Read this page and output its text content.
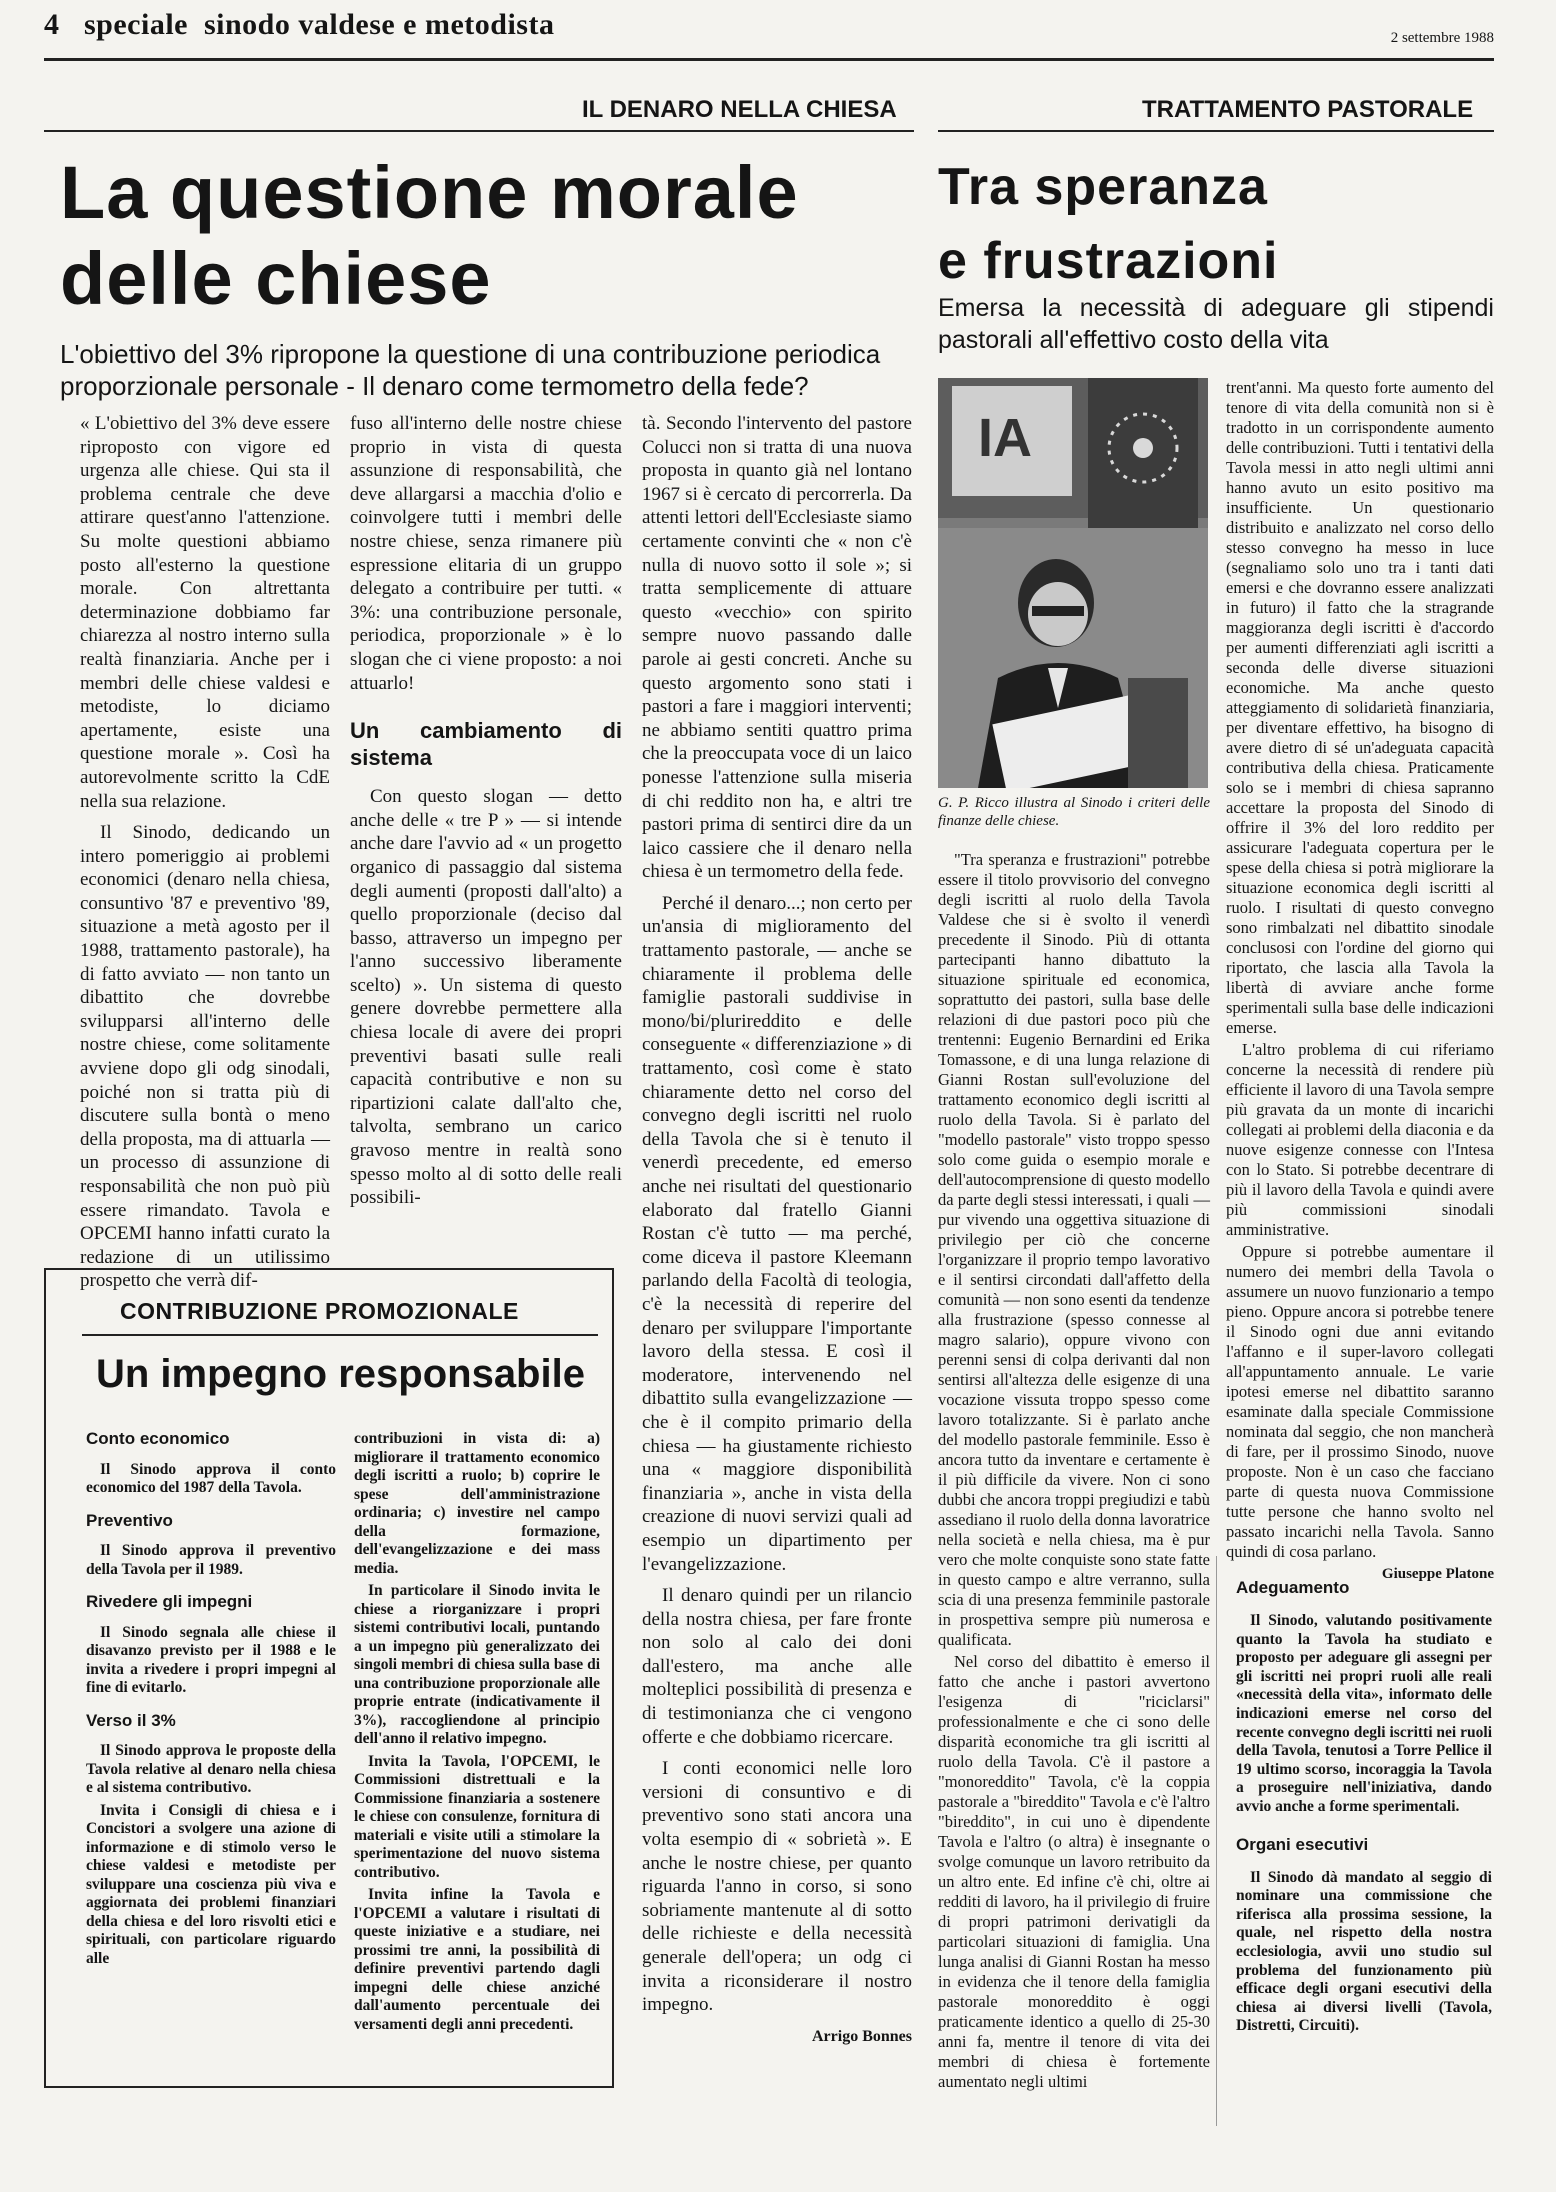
4 speciale  sinodo valdese e metodista	2 settembre 1988
IL DENARO NELLA CHIESA	TRATTAMENTO PASTORALE
La questione morale
delle chiese
Tra speranza
e frustrazioni
L'obiettivo del 3% ripropone la questione di una contribuzione periodica proporzionale personale - Il denaro come termometro della fede?
Emersa la necessità di adeguare gli stipendi pastorali all'effettivo costo della vita

« L'obiettivo del 3% deve essere riproposto con vigore ed urgenza alle chiese. Qui sta il problema centrale che deve attirare quest'anno l'attenzione. Su molte questioni abbiamo posto all'esterno la questione morale. Con altrettanta determinazione dobbiamo far chiarezza al nostro interno sulla realtà finanziaria. Anche per i membri delle chiese valdesi e metodiste, lo diciamo apertamente, esiste una questione morale ». Così ha autorevolmente scritto la CdE nella sua relazione.

Il Sinodo, dedicando un intero pomeriggio ai problemi economici (denaro nella chiesa, consuntivo '87 e preventivo '89, situazione a metà agosto per il 1988, trattamento pastorale), ha di fatto avviato — non tanto un dibattito che dovrebbe svilupparsi all'interno delle nostre chiese, come solitamente avviene dopo gli odg sinodali, poiché non si tratta più di discutere sulla bontà o meno della proposta, ma di attuarla — un processo di assunzione di responsabilità che non può più essere rimandato. Tavola e OPCEMI hanno infatti curato la redazione di un utilissimo prospetto che verrà dif-

fuso all'interno delle nostre chiese proprio in vista di questa assunzione di responsabilità, che deve allargarsi a macchia d'olio e coinvolgere tutti i membri delle nostre chiese, senza rimanere più espressione elitaria di un gruppo delegato a contribuire per tutti. « 3%: una contribuzione personale, periodica, proporzionale » è lo slogan che ci viene proposto: a noi attuarlo!

Un cambiamento di sistema

Con questo slogan — detto anche delle « tre P » — si intende anche dare l'avvio ad « un progetto organico di passaggio dal sistema degli aumenti (proposti dall'alto) a quello proporzionale (deciso dal basso, attraverso un impegno per l'anno successivo liberamente scelto) ». Un sistema di questo genere dovrebbe permettere alla chiesa locale di avere dei propri preventivi basati sulle reali capacità contributive e non su ripartizioni calate dall'alto che, talvolta, sembrano un carico gravoso mentre in realtà sono spesso molto al di sotto delle reali possibili-

tà. Secondo l'intervento del pastore Colucci non si tratta di una nuova proposta in quanto già nel lontano 1967 si è cercato di percorrerla. Da attenti lettori dell'Ecclesiaste siamo certamente convinti che « non c'è nulla di nuovo sotto il sole »; si tratta semplicemente di attuare questo «vecchio» con spirito sempre nuovo passando dalle parole ai gesti concreti. Anche su questo argomento sono stati i pastori a fare i maggiori interventi; ne abbiamo sentiti quattro prima che la preoccupata voce di un laico ponesse l'attenzione sulla miseria di chi reddito non ha, e altri tre pastori prima di sentirci dire da un laico cassiere che il denaro nella chiesa è un termometro della fede.

Perché il denaro...; non certo per un'ansia di miglioramento del trattamento pastorale, — anche se chiaramente il problema delle famiglie pastorali suddivise in mono/bi/plurireddito e delle conseguente « differenziazione » di trattamento, così come è stato chiaramente detto nel corso del convegno degli iscritti nel ruolo della Tavola che si è tenuto il venerdì precedente, ed emerso anche nei risultati del questionario elaborato dal fratello Gianni Rostan c'è tutto — ma perché, come diceva il pastore Kleemann parlando della Facoltà di teologia, c'è la necessità di reperire del denaro per sviluppare l'importante lavoro della stessa. E così il moderatore, intervenendo nel dibattito sulla evangelizzazione — che è il compito primario della chiesa — ha giustamente richiesto una « maggiore disponibilità finanziaria », anche in vista della creazione di nuovi servizi quali ad esempio un dipartimento per l'evangelizzazione.

Il denaro quindi per un rilancio della nostra chiesa, per fare fronte non solo al calo dei doni dall'estero, ma anche alle molteplici possibilità di presenza e di testimonianza che ci vengono offerte e che dobbiamo ricercare.

I conti economici nelle loro versioni di consuntivo e di preventivo sono stati ancora una volta esempio di « sobrietà ». E anche le nostre chiese, per quanto riguarda l'anno in corso, si sono sobriamente mantenute al di sotto delle richieste e della necessità generale dell'opera; un odg ci invita a riconsiderare il nostro impegno.

Arrigo Bonnes
CONTRIBUZIONE PROMOZIONALE
Un impegno responsabile
Conto economico

Il Sinodo approva il conto economico del 1987 della Tavola.

Preventivo

Il Sinodo approva il preventivo della Tavola per il 1989.

Rivedere gli impegni

Il Sinodo segnala alle chiese il disavanzo previsto per il 1988 e le invita a rivedere i propri impegni al fine di evitarlo.

Verso il 3%

Il Sinodo approva le proposte della Tavola relative al denaro nella chiesa e al sistema contributivo.

Invita i Consigli di chiesa e i Concistori a svolgere una azione di informazione e di stimolo verso le chiese valdesi e metodiste per sviluppare una coscienza più viva e aggiornata dei problemi finanziari della chiesa e del loro risvolti etici e spirituali, con particolare riguardo alle

contribuzioni in vista di: a) migliorare il trattamento economico degli iscritti a ruolo; b) coprire le spese dell'amministrazione ordinaria; c) investire nel campo della formazione, dell'evangelizzazione e dei mass media.

In particolare il Sinodo invita le chiese a riorganizzare i propri sistemi contributivi locali, puntando a un impegno più generalizzato dei singoli membri di chiesa sulla base di una contribuzione proporzionale alle proprie entrate (indicativamente il 3%), raccogliendone al principio dell'anno il relativo impegno.

Invita la Tavola, l'OPCEMI, le Commissioni distrettuali e la Commissione finanziaria a sostenere le chiese con consulenze, fornitura di materiali e visite utili a stimolare la sperimentazione del nuovo sistema contributivo.

Invita infine la Tavola e l'OPCEMI a valutare i risultati di queste iniziative e a studiare, nei prossimi tre anni, la possibilità di definire preventivi partendo dagli impegni delle chiese anziché dall'aumento percentuale dei versamenti degli anni precedenti.

IA
G. P. Ricco illustra al Sinodo i criteri delle finanze delle chiese.

"Tra speranza e frustrazioni" potrebbe essere il titolo provvisorio del convegno degli iscritti al ruolo della Tavola Valdese che si è svolto il venerdì precedente il Sinodo. Più di ottanta partecipanti hanno dibattuto la situazione spirituale ed economica, soprattutto dei pastori, sulla base delle relazioni di due pastori poco più che trentenni: Eugenio Bernardini ed Erika Tomassone, e di una lunga relazione di Gianni Rostan sull'evoluzione del trattamento economico degli iscritti al ruolo della Tavola. Si è parlato del "modello pastorale" visto troppo spesso solo come guida o esempio morale e dell'autocomprensione di questo modello da parte degli stessi interessati, i quali — pur vivendo una oggettiva situazione di privilegio per ciò che concerne l'organizzare il proprio tempo lavorativo e il sentirsi circondati dall'affetto della comunità — non sono esenti da tendenze alla frustrazione (spesso connesse al magro salario), oppure vivono con perenni sensi di colpa derivanti dal non sentirsi all'altezza delle esigenze di una vocazione vissuta troppo spesso come lavoro totalizzante. Si è parlato anche del modello pastorale femminile. Esso è ancora tutto da inventare e certamente è il più difficile da vivere. Non ci sono dubbi che ancora troppi pregiudizi e tabù assediano il ruolo della donna lavoratrice nella società e nella chiesa, ma è pur vero che molte conquiste sono state fatte in questo campo e altre verranno, sulla scia di una presenza femminile pastorale in prospettiva sempre più numerosa e qualificata.

Nel corso del dibattito è emerso il fatto che anche i pastori avvertono l'esigenza di "riciclarsi" professionalmente e che ci sono delle disparità economiche tra gli iscritti al ruolo della Tavola. C'è il pastore a "monoreddito" Tavola, c'è la coppia pastorale a "bireddito" Tavola e c'è l'altro "bireddito", in cui uno è dipendente Tavola e l'altro (o altra) è insegnante o svolge comunque un lavoro retribuito da un altro ente. Ed infine c'è chi, oltre ai redditi di lavoro, ha il privilegio di fruire di propri patrimoni derivatigli da particolari situazioni di famiglia. Una lunga analisi di Gianni Rostan ha messo in evidenza che il tenore della famiglia pastorale monoreddito è oggi praticamente identico a quello di 25-30 anni fa, mentre il tenore di vita dei membri di chiesa è fortemente aumentato negli ultimi

trent'anni. Ma questo forte aumento del tenore di vita della comunità non si è tradotto in un corrispondente aumento delle contribuzioni. Tutti i tentativi della Tavola messi in atto negli ultimi anni hanno avuto un esito positivo ma insufficiente. Un questionario distribuito e analizzato nel corso dello stesso convegno ha messo in luce (segnaliamo solo uno tra i tanti dati emersi e che dovranno essere analizzati in futuro) il fatto che la stragrande maggioranza degli iscritti è d'accordo per aumenti differenziati agli iscritti a seconda delle diverse situazioni economiche. Ma anche questo atteggiamento di solidarietà finanziaria, per diventare effettivo, ha bisogno di avere dietro di sé un'adeguata capacità contributiva della chiesa. Praticamente solo se i membri di chiesa sapranno accettare la proposta del Sinodo di offrire il 3% del loro reddito per assicurare l'adeguata copertura per le spese della chiesa si potrà migliorare la situazione economica degli iscritti al ruolo. I risultati di questo convegno sono rimbalzati nel dibattito sinodale conclusosi con l'ordine del giorno qui riportato, che lascia alla Tavola la libertà di avviare anche forme sperimentali sulla base delle indicazioni emerse.

L'altro problema di cui riferiamo concerne la necessità di rendere più efficiente il lavoro di una Tavola sempre più gravata da un monte di incarichi collegati ai problemi della diaconia e da nuove esigenze connesse con l'Intesa con lo Stato. Si potrebbe decentrare di più il lavoro della Tavola e quindi avere più commissioni sinodali amministrative.

Oppure si potrebbe aumentare il numero dei membri della Tavola o assumere un nuovo funzionario a tempo pieno. Oppure ancora si potrebbe tenere il Sinodo ogni due anni evitando l'affanno e il super-lavoro collegati all'appuntamento annuale. Le varie ipotesi emerse nel dibattito saranno esaminate dalla speciale Commissione nominata dal seggio, che non mancherà di fare, per il prossimo Sinodo, nuove proposte. Non è un caso che facciano parte di questa nuova Commissione tutte persone che hanno svolto nel passato incarichi nella Tavola. Sanno quindi di cosa parlano.

Giuseppe Platone
Adeguamento

Il Sinodo, valutando positivamente quanto la Tavola ha studiato e proposto per adeguare gli assegni per gli iscritti nei propri ruoli alle reali «necessità della vita», informato delle indicazioni emerse nel corso del recente convegno degli iscritti nei ruoli della Tavola, tenutosi a Torre Pellice il 19 ultimo scorso, incoraggia la Tavola a proseguire nell'iniziativa, dando avvio anche a forme sperimentali.

Organi esecutivi

Il Sinodo dà mandato al seggio di nominare una commissione che riferisca alla prossima sessione, la quale, nel rispetto della nostra ecclesiologia, avvii uno studio sul problema del funzionamento più efficace degli organi esecutivi della chiesa ai diversi livelli (Tavola, Distretti, Circuiti).
